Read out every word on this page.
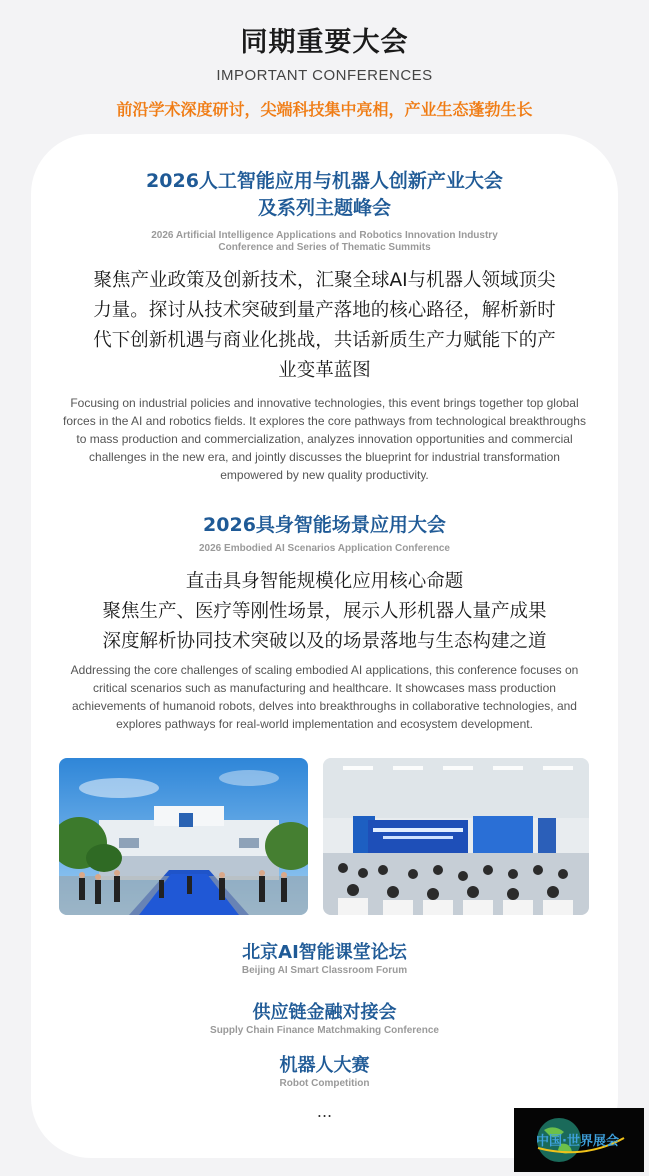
同期重要大会
IMPORTANT CONFERENCES
前沿学术深度研讨，尖端科技集中亮相，产业生态蓬勃生长
2026人工智能应用与机器人创新产业大会
及系列主题峰会
2026 Artificial Intelligence Applications and Robotics Innovation Industry
Conference and Series of Thematic Summits
聚焦产业政策及创新技术，汇聚全球AI与机器人领域顶尖
力量。探讨从技术突破到量产落地的核心路径，解析新时
代下创新机遇与商业化挑战，共话新质生产力赋能下的产
业变革蓝图
Focusing on industrial policies and innovative technologies, this event brings together top global
forces in the AI and robotics fields. It explores the core pathways from technological breakthroughs
to mass production and commercialization, analyzes innovation opportunities and commercial
challenges in the new era, and jointly discusses the blueprint for industrial transformation
empowered by new quality productivity.
2026具身智能场景应用大会
2026 Embodied AI Scenarios Application Conference
直击具身智能规模化应用核心命题
聚焦生产、医疗等刚性场景，展示人形机器人量产成果
深度解析协同技术突破以及的场景落地与生态构建之道
Addressing the core challenges of scaling embodied AI applications, this conference focuses on
critical scenarios such as manufacturing and healthcare. It showcases mass production
achievements of humanoid robots, delves into breakthroughs in collaborative technologies, and
explores pathways for real-world implementation and ecosystem development.
北京AI智能课堂论坛
Beijing AI Smart Classroom Forum
供应链金融对接会
Supply Chain Finance Matchmaking Conference
机器人大赛
Robot Competition
...
中国·世界展会
